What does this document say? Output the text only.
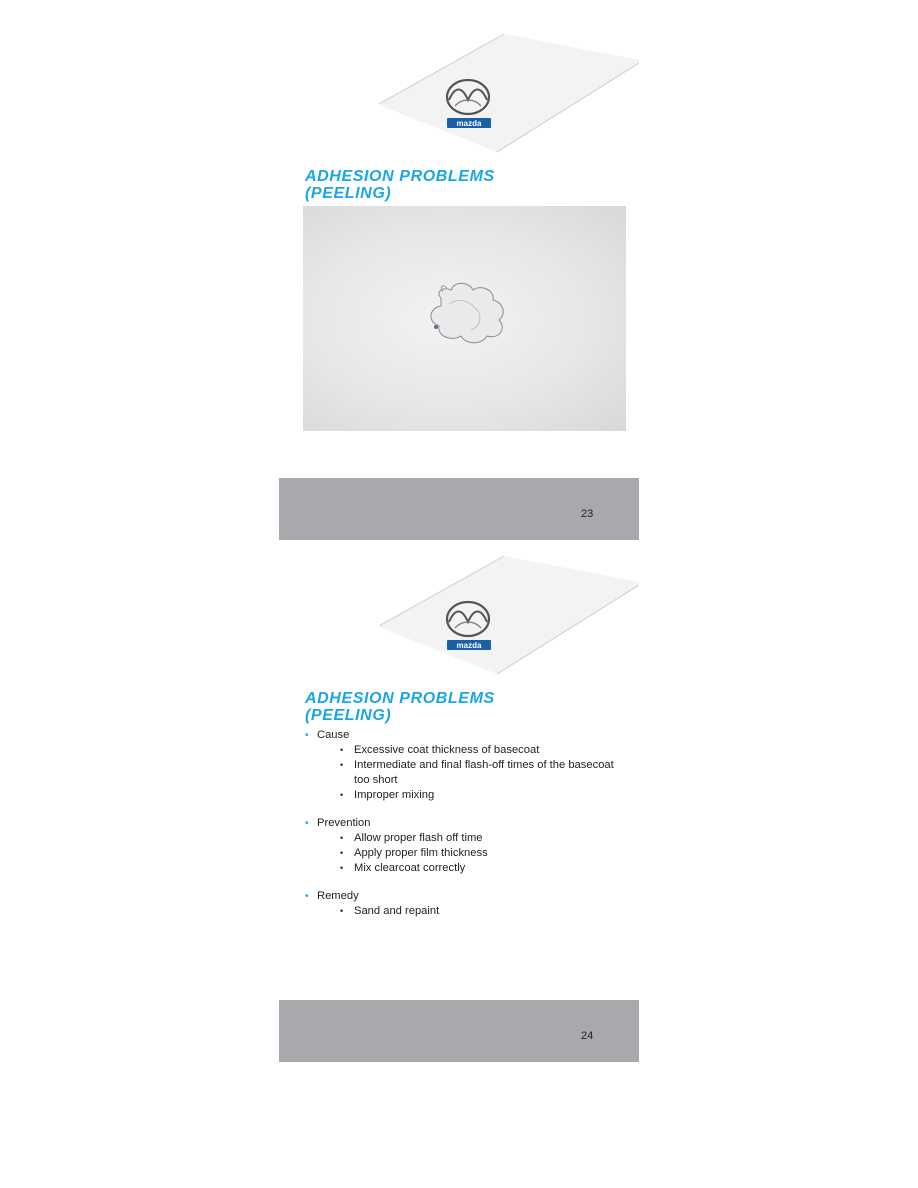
mazda
ADHESION PROBLEMS
(PEELING)
23
mazda
ADHESION PROBLEMS
(PEELING)
• Cause
• Excessive coat thickness of basecoat
• Intermediate and final flash-off times of the basecoat too short
• Improper mixing
• Prevention
• Allow proper flash off time
• Apply proper film thickness
• Mix clearcoat correctly
• Remedy
• Sand and repaint
24
